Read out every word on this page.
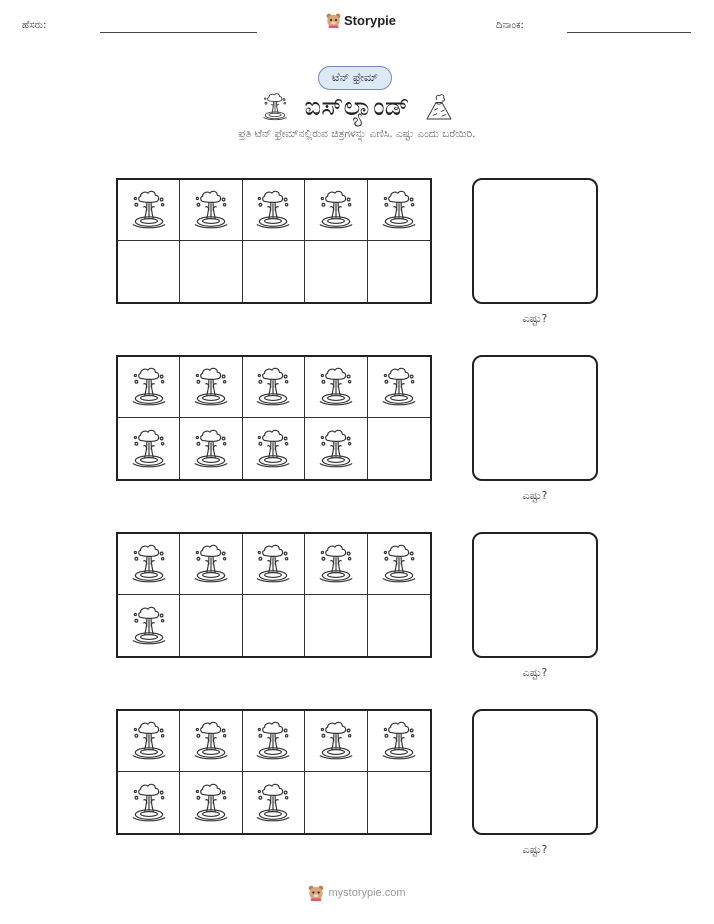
ಹೆಸರು:	Storypie	ದಿನಾಂಕ:
ಟೆನ್ ಫ್ರೇಮ್
ಐಸ್‌ಲ್ಯಾಂಡ್
ಪ್ರತಿ ಟೆನ್ ಫ್ರೇಮ್‌ನಲ್ಲಿರುವ ಚಿತ್ರಗಳನ್ನು ಎಣಿಸಿ. ಎಷ್ಟು ಎಂದು ಬರೆಯಿರಿ.
ಎಷ್ಟು?
ಎಷ್ಟು?
ಎಷ್ಟು?
ಎಷ್ಟು?
mystorypie.com
